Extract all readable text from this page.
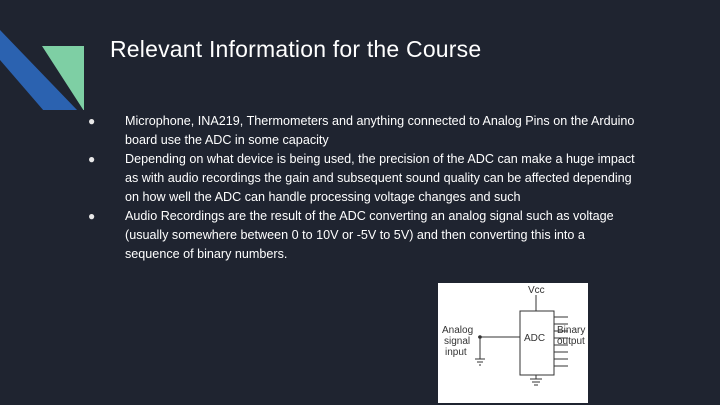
Relevant Information for the Course
●	Microphone, INA219, Thermometers and anything connected to Analog Pins on the Arduino board use the ADC in some capacity
●	Depending on what device is being used, the precision of the ADC can make a huge impact as with audio recordings the gain and subsequent sound quality can be affected depending on how well the ADC can handle processing voltage changes and such
●	Audio Recordings are the result of the ADC converting an analog signal such as voltage (usually somewhere between 0 to 10V or -5V to 5V) and then converting this into a sequence of binary numbers.
Vcc
ADC
Analog
signal
input
Binary
output
